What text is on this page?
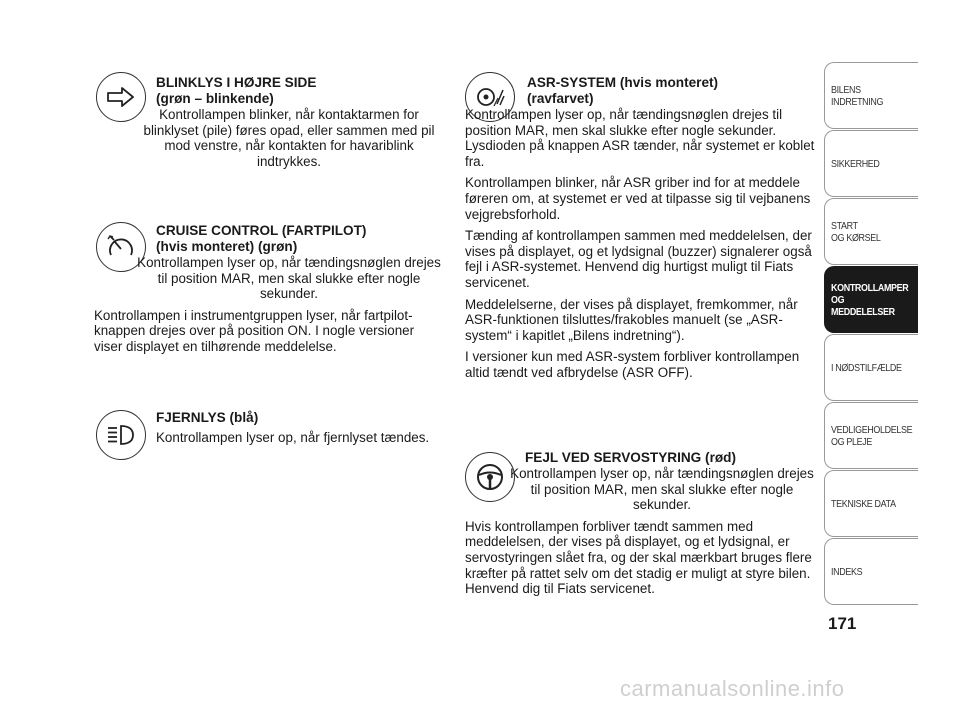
BLINKLYS I HØJRE SIDE
(grøn – blinkende)

Kontrollampen blinker, når kontaktarmen for blinklyset (pile) føres opad, eller sammen med pil mod venstre, når kontakten for havariblink indtrykkes.

CRUISE CONTROL (FARTPILOT)
(hvis monteret) (grøn)

Kontrollampen lyser op, når tændingsnøglen drejes til position MAR, men skal slukke efter nogle sekunder.

Kontrollampen i instrumentgruppen lyser, når fartpilot-knappen drejes over på position ON. I nogle versioner viser displayet en tilhørende meddelelse.

FJERNLYS (blå)

Kontrollampen lyser op, når fjernlyset tændes.

ASR-SYSTEM (hvis monteret)
(ravfarvet)

Kontrollampen lyser op, når tændingsnøglen drejes til position MAR, men skal slukke efter nogle sekunder. Lysdioden på knappen ASR tænder, når systemet er koblet fra.

Kontrollampen blinker, når ASR griber ind for at meddele føreren om, at systemet er ved at tilpasse sig til vejbanens vejgrebsforhold.

Tænding af kontrollampen sammen med meddelelsen, der vises på displayet, og et lydsignal (buzzer) signalerer også fejl i ASR-systemet. Henvend dig hurtigst muligt til Fiats servicenet.

Meddelelserne, der vises på displayet, fremkommer, når ASR-funktionen tilsluttes/frakobles manuelt (se „ASR-system“ i kapitlet „Bilens indretning“).

I versioner kun med ASR-system forbliver kontrollampen altid tændt ved afbrydelse (ASR OFF).

FEJL VED SERVOSTYRING (rød)

Kontrollampen lyser op, når tændingsnøglen drejes til position MAR, men skal slukke efter nogle sekunder.

Hvis kontrollampen forbliver tændt sammen med meddelelsen, der vises på displayet, og et lydsignal, er servostyringen slået fra, og der skal mærkbart bruges flere kræfter på rattet selv om det stadig er muligt at styre bilen. Henvend dig til Fiats servicenet.

BILENS
INDRETNING
SIKKERHED
START
OG KØRSEL
KONTROLLAMPER
OG MEDDELELSER
I NØDSTILFÆLDE
VEDLIGEHOLDELSE
OG PLEJE
TEKNISKE DATA
INDEKS
171
carmanualsonline.info
